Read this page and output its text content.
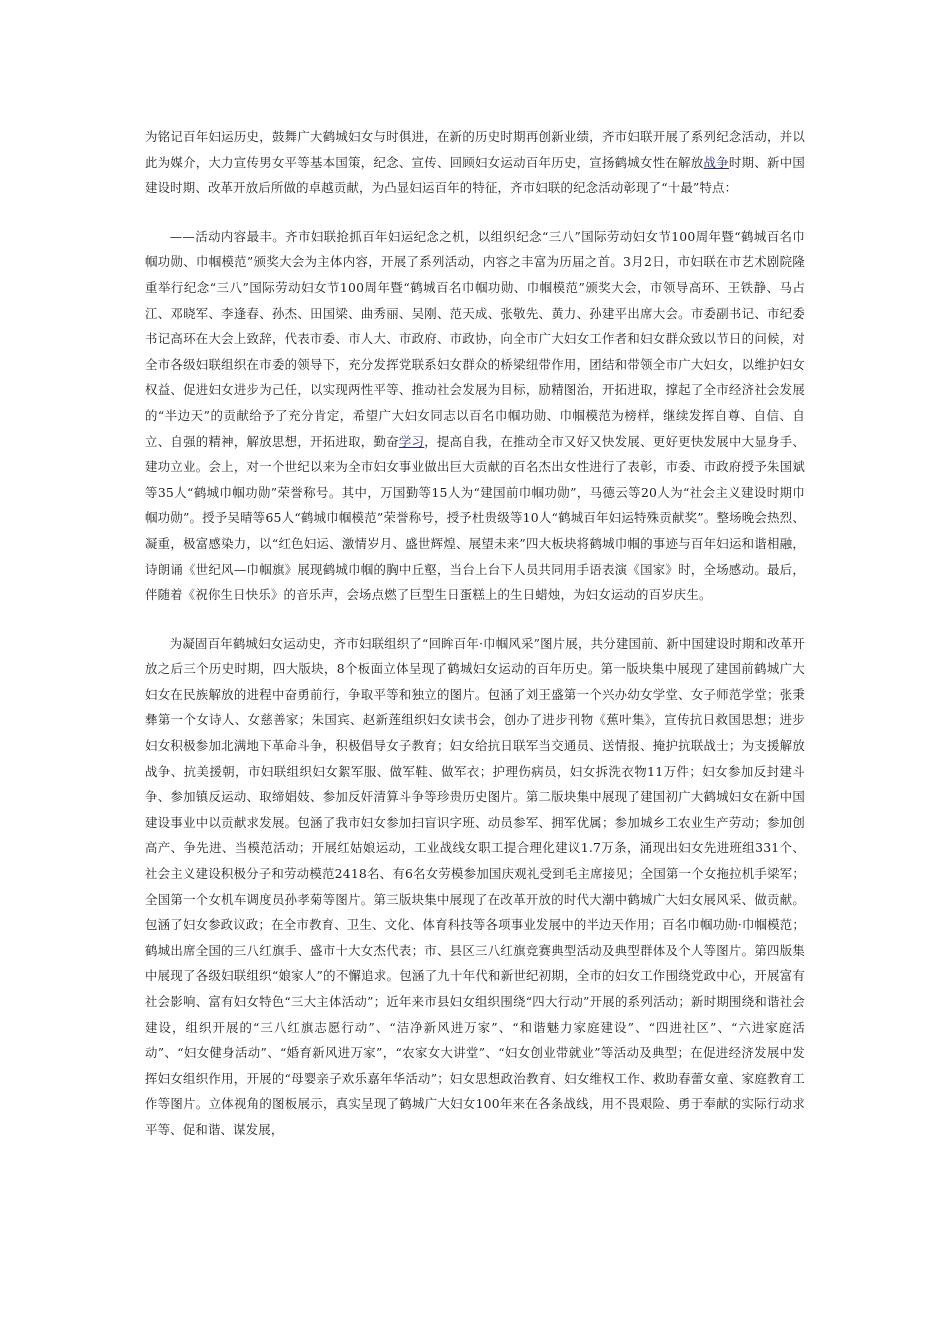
为铭记百年妇运历史，鼓舞广大鹤城妇女与时俱进，在新的历史时期再创新业绩，齐市妇联开展了系列纪念活动，并以此为媒介，大力宣传男女平等基本国策，纪念、宣传、回顾妇女运动百年历史，宣扬鹤城女性在解放战争时期、新中国建设时期、改革开放后所做的卓越贡献，为凸显妇运百年的特征，齐市妇联的纪念活动彰现了“十最”特点：

——活动内容最丰。齐市妇联抢抓百年妇运纪念之机，以组织纪念“三八”国际劳动妇女节100周年暨“鹤城百名巾帼功勋、巾帼模范”颁奖大会为主体内容，开展了系列活动，内容之丰富为历届之首。3月2日，市妇联在市艺术剧院隆重举行纪念“三八”国际劳动妇女节100周年暨“鹤城百名巾帼功勋、巾帼模范”颁奖大会，市领导高环、王铁静、马占江、邓晓军、李逢春、孙杰、田国梁、曲秀丽、吴刚、范天成、张敬先、黄力、孙建平出席大会。市委副书记、市纪委书记高环在大会上致辞，代表市委、市人大、市政府、市政协，向全市广大妇女工作者和妇女群众致以节日的问候，对全市各级妇联组织在市委的领导下，充分发挥党联系妇女群众的桥梁纽带作用，团结和带领全市广大妇女，以维护妇女权益、促进妇女进步为己任，以实现两性平等、推动社会发展为目标，励精图治，开拓进取，撑起了全市经济社会发展的“半边天”的贡献给予了充分肯定，希望广大妇女同志以百名巾帼功勋、巾帼模范为榜样，继续发挥自尊、自信、自立、自强的精神，解放思想，开拓进取，勤奋学习，提高自我，在推动全市又好又快发展、更好更快发展中大显身手、建功立业。会上，对一个世纪以来为全市妇女事业做出巨大贡献的百名杰出女性进行了表彰，市委、市政府授予朱国斌等35人“鹤城巾帼功勋”荣誉称号。其中，万国勤等15人为“建国前巾帼功勋”，马德云等20人为“社会主义建设时期巾帼功勋”。授予吴晴等65人“鹤城巾帼模范”荣誉称号，授予杜贵级等10人“鹤城百年妇运特殊贡献奖”。整场晚会热烈、凝重，极富感染力，以“红色妇运、激情岁月、盛世辉煌、展望未来”四大板块将鹤城巾帼的事迹与百年妇运和谐相融，诗朗诵《世纪风—巾帼旗》展现鹤城巾帼的胸中丘壑，当台上台下人员共同用手语表演《国家》时，全场感动。最后，伴随着《祝你生日快乐》的音乐声，会场点燃了巨型生日蛋糕上的生日蜡烛，为妇女运动的百岁庆生。

为凝固百年鹤城妇女运动史，齐市妇联组织了“回眸百年·巾帼风采”图片展，共分建国前、新中国建设时期和改革开放之后三个历史时期，四大版块，8个板面立体呈现了鹤城妇女运动的百年历史。第一版块集中展现了建国前鹤城广大妇女在民族解放的进程中奋勇前行，争取平等和独立的图片。包涵了刘王盛第一个兴办幼女学堂、女子师范学堂；张秉彝第一个女诗人、女慈善家；朱国宾、赵新莲组织妇女读书会，创办了进步刊物《蕉叶集》，宣传抗日救国思想；进步妇女积极参加北满地下革命斗争，积极倡导女子教育；妇女给抗日联军当交通员、送情报、掩护抗联战士；为支援解放战争、抗美援朝，市妇联组织妇女絮军服、做军鞋、做军衣；护理伤病员，妇女拆洗衣物11万件；妇女参加反封建斗争、参加镇反运动、取缔娼妓、参加反奸清算斗争等珍贵历史图片。第二版块集中展现了建国初广大鹤城妇女在新中国建设事业中以贡献求发展。包涵了我市妇女参加扫盲识字班、动员参军、拥军优属；参加城乡工农业生产劳动；参加创高产、争先进、当模范活动；开展红姑娘运动，工业战线女职工提合理化建议1.7万条，涌现出妇女先进班组331个、社会主义建设积极分子和劳动模范2418名、有6名女劳模参加国庆观礼受到毛主席接见；全国第一个女拖拉机手梁军；全国第一个女机车调度员孙孝菊等图片。第三版块集中展现了在改革开放的时代大潮中鹤城广大妇女展风采、做贡献。包涵了妇女参政议政；在全市教育、卫生、文化、体育科技等各项事业发展中的半边天作用；百名巾帼功勋·巾帼模范；鹤城出席全国的三八红旗手、盛市十大女杰代表；市、县区三八红旗竞赛典型活动及典型群体及个人等图片。第四版集中展现了各级妇联组织“娘家人”的不懈追求。包涵了九十年代和新世纪初期，全市的妇女工作围绕党政中心，开展富有社会影响、富有妇女特色“三大主体活动”；近年来市县妇女组织围绕“四大行动”开展的系列活动；新时期围绕和谐社会建设，组织开展的“三八红旗志愿行动”、“洁净新风进万家”、“和谐魅力家庭建设”、“四进社区”、“六进家庭活动”、“妇女健身活动”、“婚育新风进万家”，“农家女大讲堂”、“妇女创业带就业”等活动及典型；在促进经济发展中发挥妇女组织作用，开展的“母婴亲子欢乐嘉年华活动”；妇女思想政治教育、妇女维权工作、救助春蕾女童、家庭教育工作等图片。立体视角的图板展示，真实呈现了鹤城广大妇女100年来在各条战线，用不畏艰险、勇于奉献的实际行动求平等、促和谐、谋发展，
